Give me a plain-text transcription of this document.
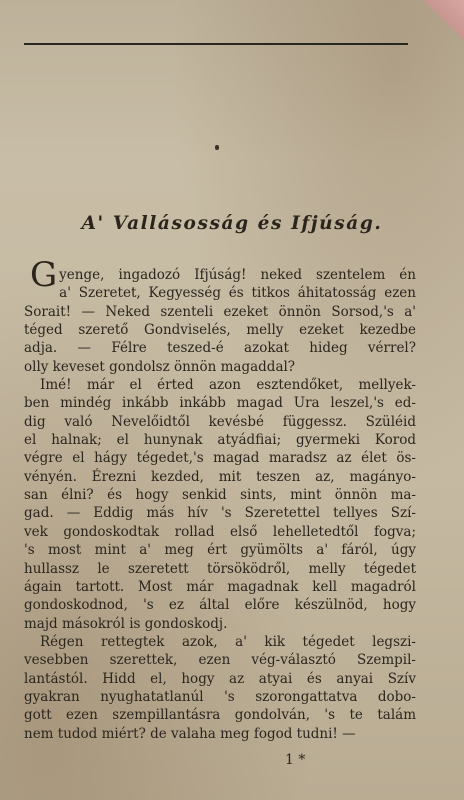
A' Vallásosság és Ifjúság.
Gyenge, ingadozó Ifjúság! neked szentelem én
a' Szeretet, Kegyesség és titkos áhitatosság ezen
Sorait! — Neked szenteli ezeket önnön Sorsod,'s a'
téged szerető Gondviselés, melly ezeket kezedbe
adja. — Félre teszed-é azokat hideg vérrel?
olly keveset gondolsz önnön magaddal?
Imé! már el érted azon esztendőket, mellyek-
ben mindég inkább inkább magad Ura leszel,'s ed-
dig való Nevelőidtől kevésbé függessz. Szüléid
el halnak; el hunynak atyádfiai; gyermeki Korod
végre el hágy tégedet,'s magad maradsz az élet ös-
vényén. Érezni kezded, mit teszen az, magányo-
san élni? és hogy senkid sints, mint önnön ma-
gad. — Eddig más hív 's Szeretettel tellyes Szí-
vek gondoskodtak rollad első lehelletedtől fogva;
's most mint a' meg ért gyümölts a' fáról, úgy
hullassz le szeretett törsöködről, melly tégedet
ágain tartott. Most már magadnak kell magadról
gondoskodnod, 's ez által előre készülnöd, hogy
majd másokról is gondoskodj.
Régen rettegtek azok, a' kik tégedet legszi-
vesebben szerettek, ezen vég-választó Szempil-
lantástól. Hidd el, hogy az atyai és anyai Szív
gyakran nyughatatlanúl 's szorongattatva dobo-
gott ezen szempillantásra gondolván, 's te talám
nem tudod miért? de valaha meg fogod tudni! —
1 *
